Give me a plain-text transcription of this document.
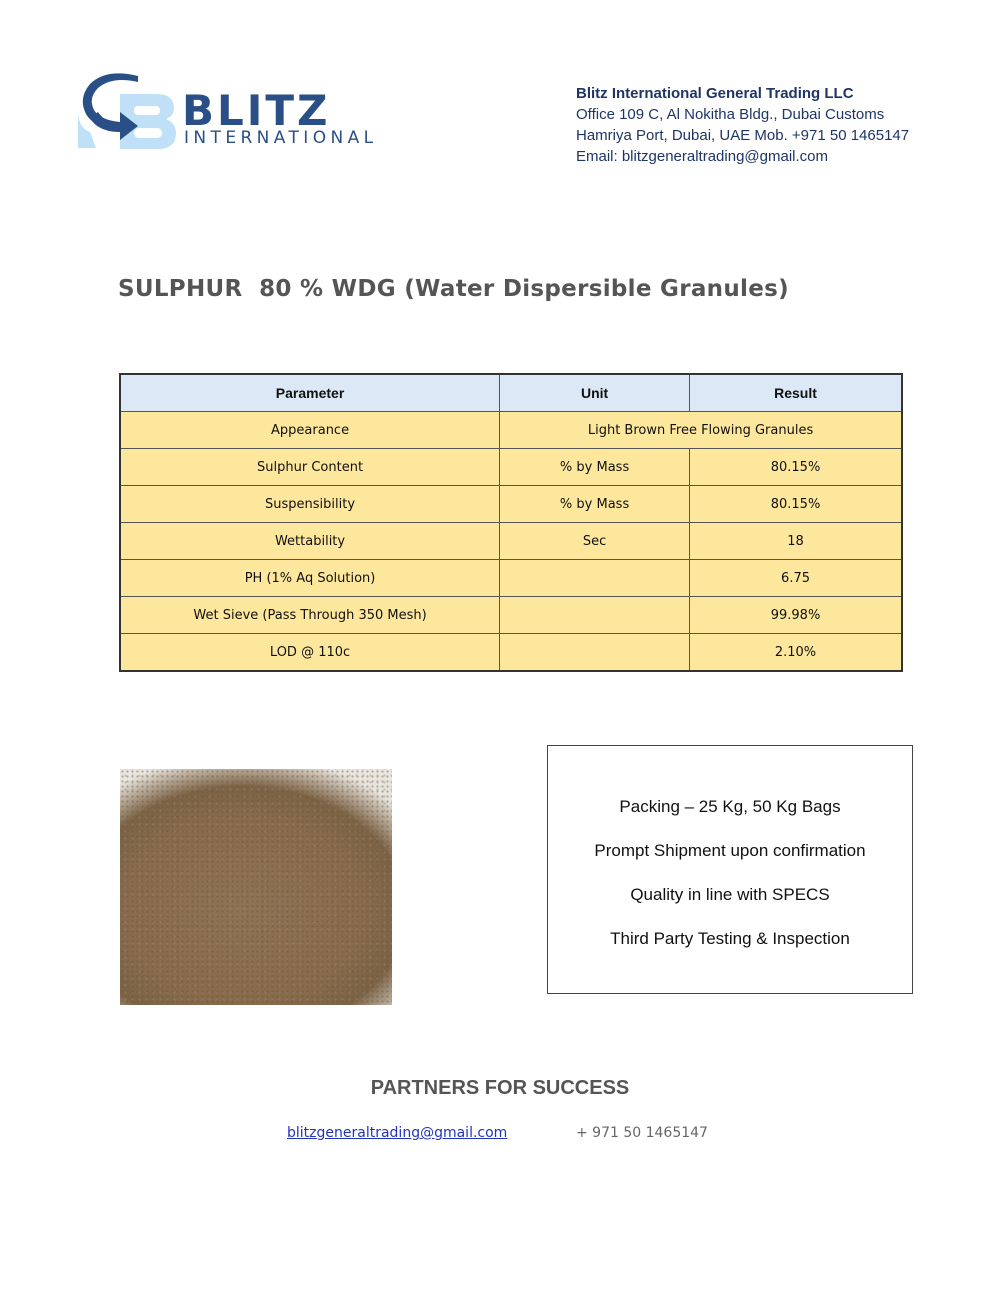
BLITZ
INTERNATIONAL
Blitz International General Trading LLC
Office 109 C, Al Nokitha Bldg., Dubai Customs
Hamriya Port, Dubai, UAE Mob. +971 50 1465147
Email: blitzgeneraltrading@gmail.com
SULPHUR  80 % WDG (Water Dispersible Granules)
Parameter	Unit	Result
Appearance	Light Brown Free Flowing Granules	
Sulphur Content	% by Mass	80.15%
Suspensibility	% by Mass	80.15%
Wettability	Sec	18
PH (1% Aq Solution)		6.75
Wet Sieve (Pass Through 350 Mesh)		99.98%
LOD @ 110c		2.10%
Packing – 25 Kg, 50 Kg Bags
Prompt Shipment upon confirmation
Quality in line with SPECS
Third Party Testing & Inspection
PARTNERS FOR SUCCESS
blitzgeneraltrading@gmail.com	+ 971 50 1465147
